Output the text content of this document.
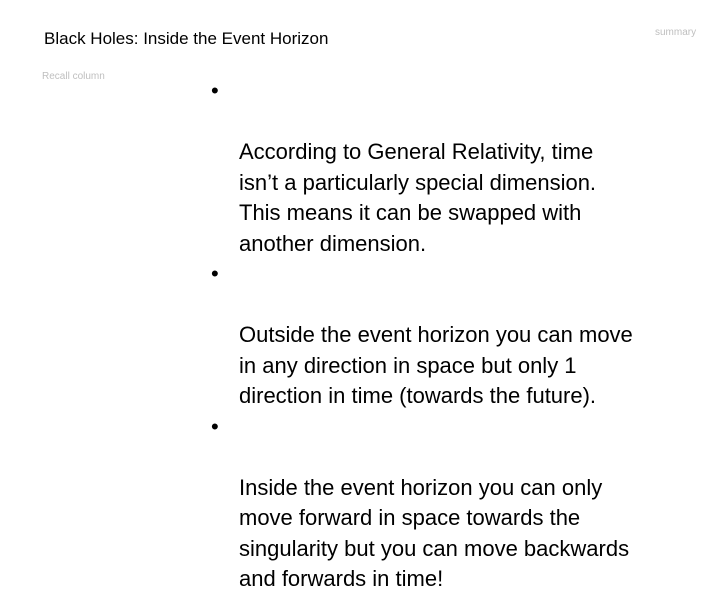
Black Holes: Inside the Event Horizon
Recall column
summary

•

According to General Relativity, time
isn’t a particularly special dimension.
This means it can be swapped with
another dimension.

•

Outside the event horizon you can move
in any direction in space but only 1
direction in time (towards the future).

•

Inside the event horizon you can only
move forward in space towards the
singularity but you can move backwards
and forwards in time!
